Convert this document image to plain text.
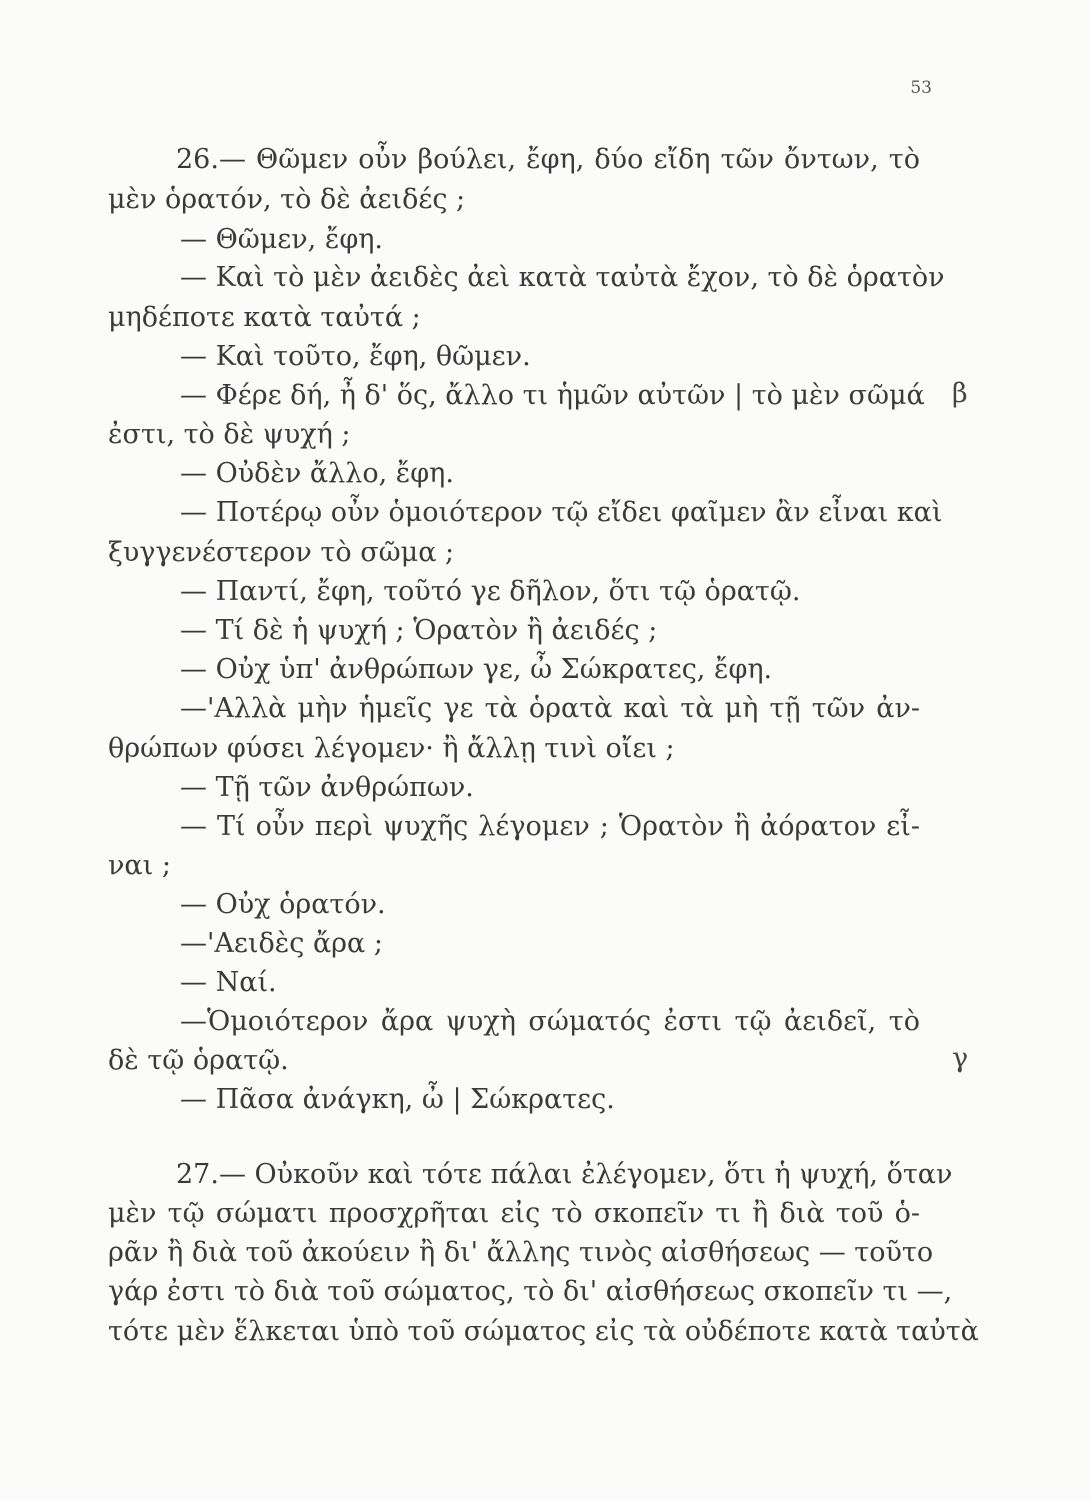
53
26.— Θῶμεν οὖν βούλει, ἔφη, δύο εἴδη τῶν ὄντων, τὸ
μὲν ὁρατόν, τὸ δὲ ἀειδές ;
— Θῶμεν, ἔφη.
— Καὶ τὸ μὲν ἀειδὲς ἀεὶ κατὰ ταὐτὰ ἔχον, τὸ δὲ ὁρατὸν
μηδέποτε κατὰ ταὐτά ;
— Καὶ τοῦτο, ἔφη, θῶμεν.
— Φέρε δή, ἦ δ' ὅς, ἄλλο τι ἡμῶν αὐτῶν | τὸ μὲν σῶμά
ἐστι, τὸ δὲ ψυχή ;
— Οὐδὲν ἄλλο, ἔφη.
— Ποτέρῳ οὖν ὁμοιότερον τῷ εἴδει φαῖμεν ἂν εἶναι καὶ
ξυγγενέστερον τὸ σῶμα ;
— Παντί, ἔφη, τοῦτό γε δῆλον, ὅτι τῷ ὁρατῷ.
— Τί δὲ ἡ ψυχή ; Ὁρατὸν ἢ ἀειδές ;
— Οὐχ ὑπ' ἀνθρώπων γε, ὦ Σώκρατες, ἔφη.
—'Αλλὰ μὴν ἡμεῖς γε τὰ ὁρατὰ καὶ τὰ μὴ τῇ τῶν ἀν-
θρώπων φύσει λέγομεν· ἢ ἄλλῃ τινὶ οἴει ;
— Τῇ τῶν ἀνθρώπων.
— Τί οὖν περὶ ψυχῆς λέγομεν ; Ὁρατὸν ἢ ἀόρατον εἶ-
ναι ;
— Οὐχ ὁρατόν.
—'Αειδὲς ἄρα ;
— Ναί.
—Ὁμοιότερον ἄρα ψυχὴ σώματός ἐστι τῷ ἀειδεῖ, τὸ
δὲ τῷ ὁρατῷ.
— Πᾶσα ἀνάγκη, ὦ | Σώκρατες.
27.— Οὐκοῦν καὶ τότε πάλαι ἐλέγομεν, ὅτι ἡ ψυχή, ὅταν
μὲν τῷ σώματι προσχρῆται εἰς τὸ σκοπεῖν τι ἢ διὰ τοῦ ὁ-
ρᾶν ἢ διὰ τοῦ ἀκούειν ἢ δι' ἄλλης τινὸς αἰσθήσεως — τοῦτο
γάρ ἐστι τὸ διὰ τοῦ σώματος, τὸ δι' αἰσθήσεως σκοπεῖν τι —,
τότε μὲν ἕλκεται ὑπὸ τοῦ σώματος εἰς τὰ οὐδέποτε κατὰ ταὐτὰ
β
γ
